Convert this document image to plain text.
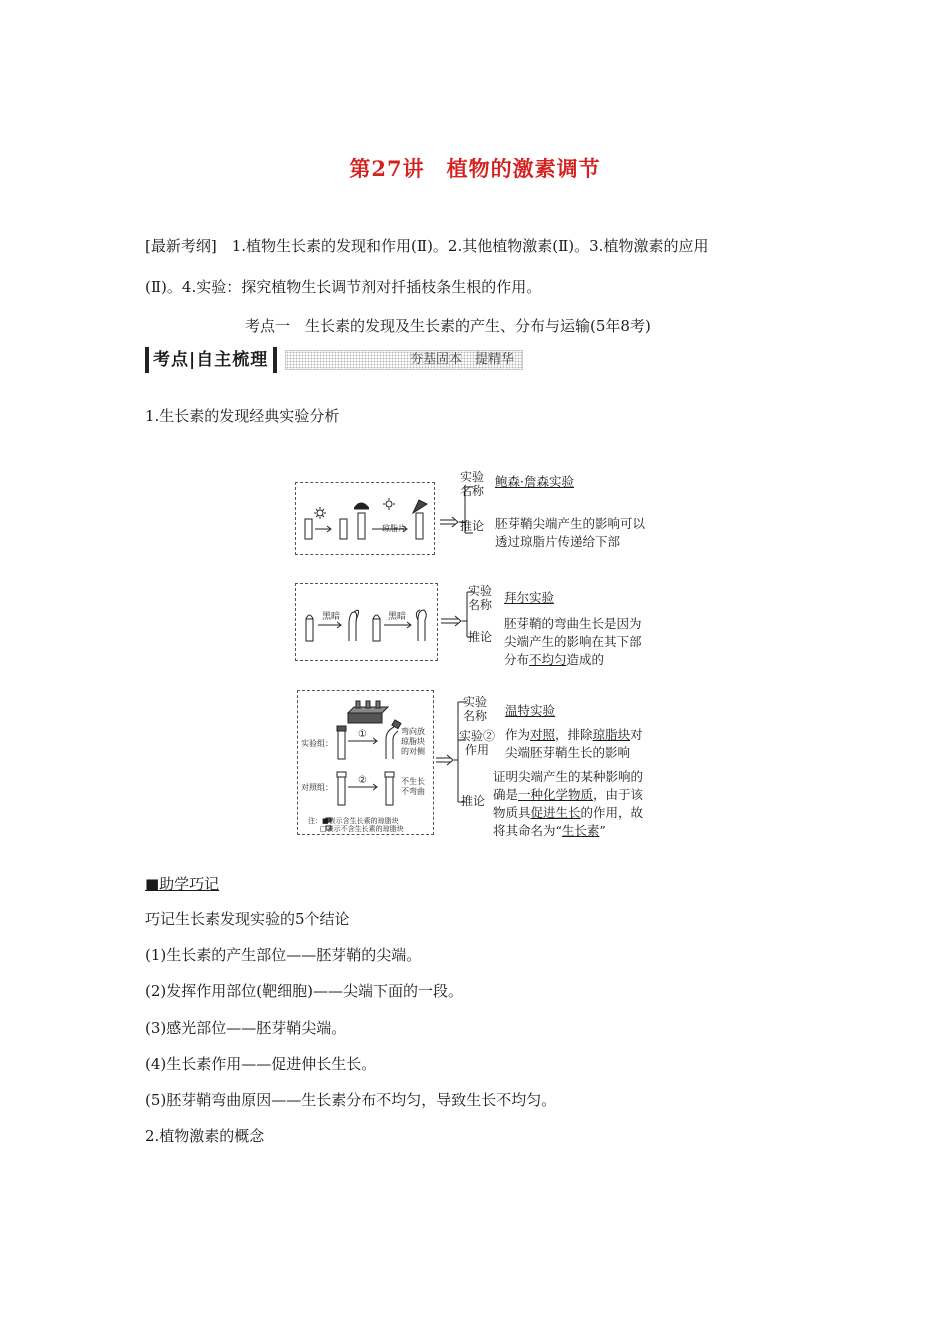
第27讲　植物的激素调节
[最新考纲]　1.植物生长素的发现和作用(Ⅱ)。2.其他植物激素(Ⅱ)。3.植物激素的应用
(Ⅱ)。4.实验：探究植物生长调节剂对扦插枝条生根的作用。
考点一　生长素的发现及生长素的产生、分布与运输(5年8考)
考点|自主梳理	夯基固本　提精华
1.生长素的发现经典实验分析
琼脂片
实验
名称
鲍森·詹森实验
推论 胚芽鞘尖端产生的影响可以
透过琼脂片传递给下部
黑暗	黑暗
实验
名称 拜尔实验
推论
胚芽鞘的弯曲生长是因为
尖端产生的影响在其下部
分布不均匀造成的
实验组：
对照组：
①
②
弯向放
琼脂块
的对侧
不生长
不弯曲
注：■表示含生长素的琼脂块
□表示不含生长素的琼脂块
实验
名称 温特实验
实验②
作用
作为对照，排除琼脂块对
尖端胚芽鞘生长的影响
推论
证明尖端产生的某种影响的
确是一种化学物质，由于该
物质具促进生长的作用，故
将其命名为“生长素”
■助学巧记
巧记生长素发现实验的5个结论
(1)生长素的产生部位——胚芽鞘的尖端。
(2)发挥作用部位(靶细胞)——尖端下面的一段。
(3)感光部位——胚芽鞘尖端。
(4)生长素作用——促进伸长生长。
(5)胚芽鞘弯曲原因——生长素分布不均匀，导致生长不均匀。
2.植物激素的概念
